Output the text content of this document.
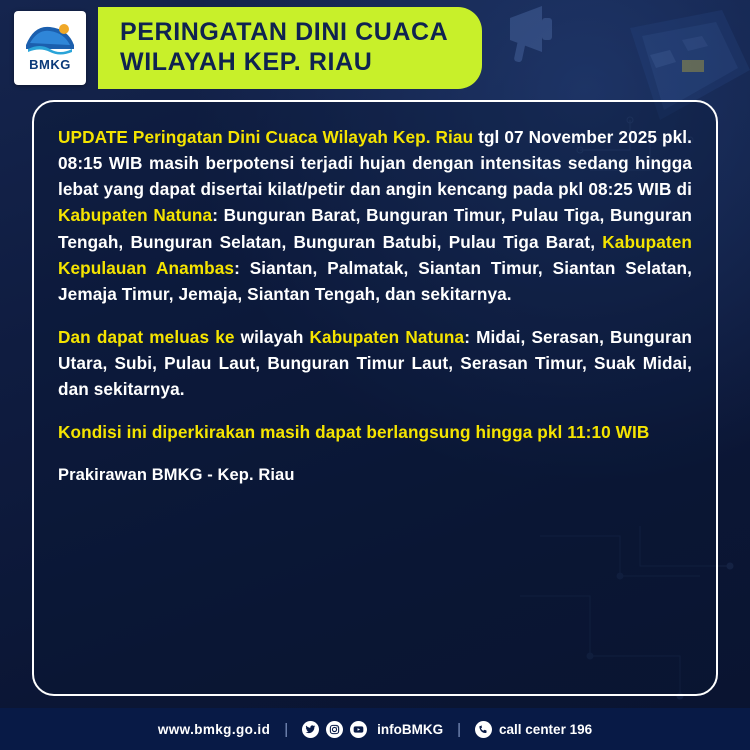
BMKG
PERINGATAN DINI CUACA
WILAYAH KEP. RIAU
UPDATE Peringatan Dini Cuaca Wilayah Kep. Riau tgl 07 November 2025 pkl. 08:15 WIB masih berpotensi terjadi hujan dengan intensitas sedang hingga lebat yang dapat disertai kilat/petir dan angin kencang pada pkl 08:25 WIB di Kabupaten Natuna: Bunguran Barat, Bunguran Timur, Pulau Tiga, Bunguran Tengah, Bunguran Selatan, Bunguran Batubi, Pulau Tiga Barat, Kabupaten Kepulauan Anambas: Siantan, Palmatak, Siantan Timur, Siantan Selatan, Jemaja Timur, Jemaja, Siantan Tengah, dan sekitarnya.
Dan dapat meluas ke wilayah Kabupaten Natuna: Midai, Serasan, Bunguran Utara, Subi, Pulau Laut, Bunguran Timur Laut, Serasan Timur, Suak Midai, dan sekitarnya.
Kondisi ini diperkirakan masih dapat berlangsung hingga pkl 11:10 WIB
Prakirawan BMKG - Kep. Riau
www.bmkg.go.id |	infoBMKG |	call center 196
